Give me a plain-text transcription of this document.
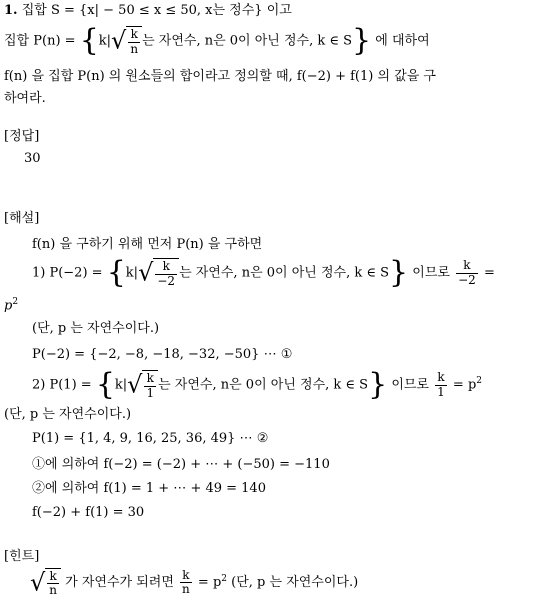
1. 집합 S = {x| − 50 ≤ x ≤ 50, x는 정수} 이고
집합 $P(n) = \{k|√ \frac{k}{n}$ 는 자연수, n은 0이 아닌 정수, k ∈ S} 에 대하여
f(n) 을 집합 P(n) 의 원소들의 합이라고 정의할 때, f(−2) + f(1) 의 값을 구
하여라.
[정답]
30
[해설]
f(n) 을 구하기 위해 먼저 P(n) 을 구하면
1) $P(-2) = \{k|√ \frac{k}{-2}$ 는 자연수, n은 0이 아닌 정수, k ∈ S} 이므로 $\frac{k}{-2}$ =
$p^2$
(단, p 는 자연수이다.)
P(−2) = {−2, −8, −18, −32, −50} ⋯ ①
2) $P(1) = \{k|√ \frac{k}{1}$ 는 자연수, n은 0이 아닌 정수, k ∈ S} 이므로 $\frac{k}{1} = p^2$
(단, p 는 자연수이다.)
P(1) = {1, 4, 9, 16, 25, 36, 49} ⋯ ②
①에 의하여 f(−2) = (−2) + ⋯ + (−50) = −110
②에 의하여 f(1) = 1 + ⋯ + 49 = 140
f(−2) + f(1) = 30
[힌트]
√ $\frac{k}{n}$ 가 자연수가 되려면 $\frac{k}{n} = p^2$ (단, p 는 자연수이다.)
